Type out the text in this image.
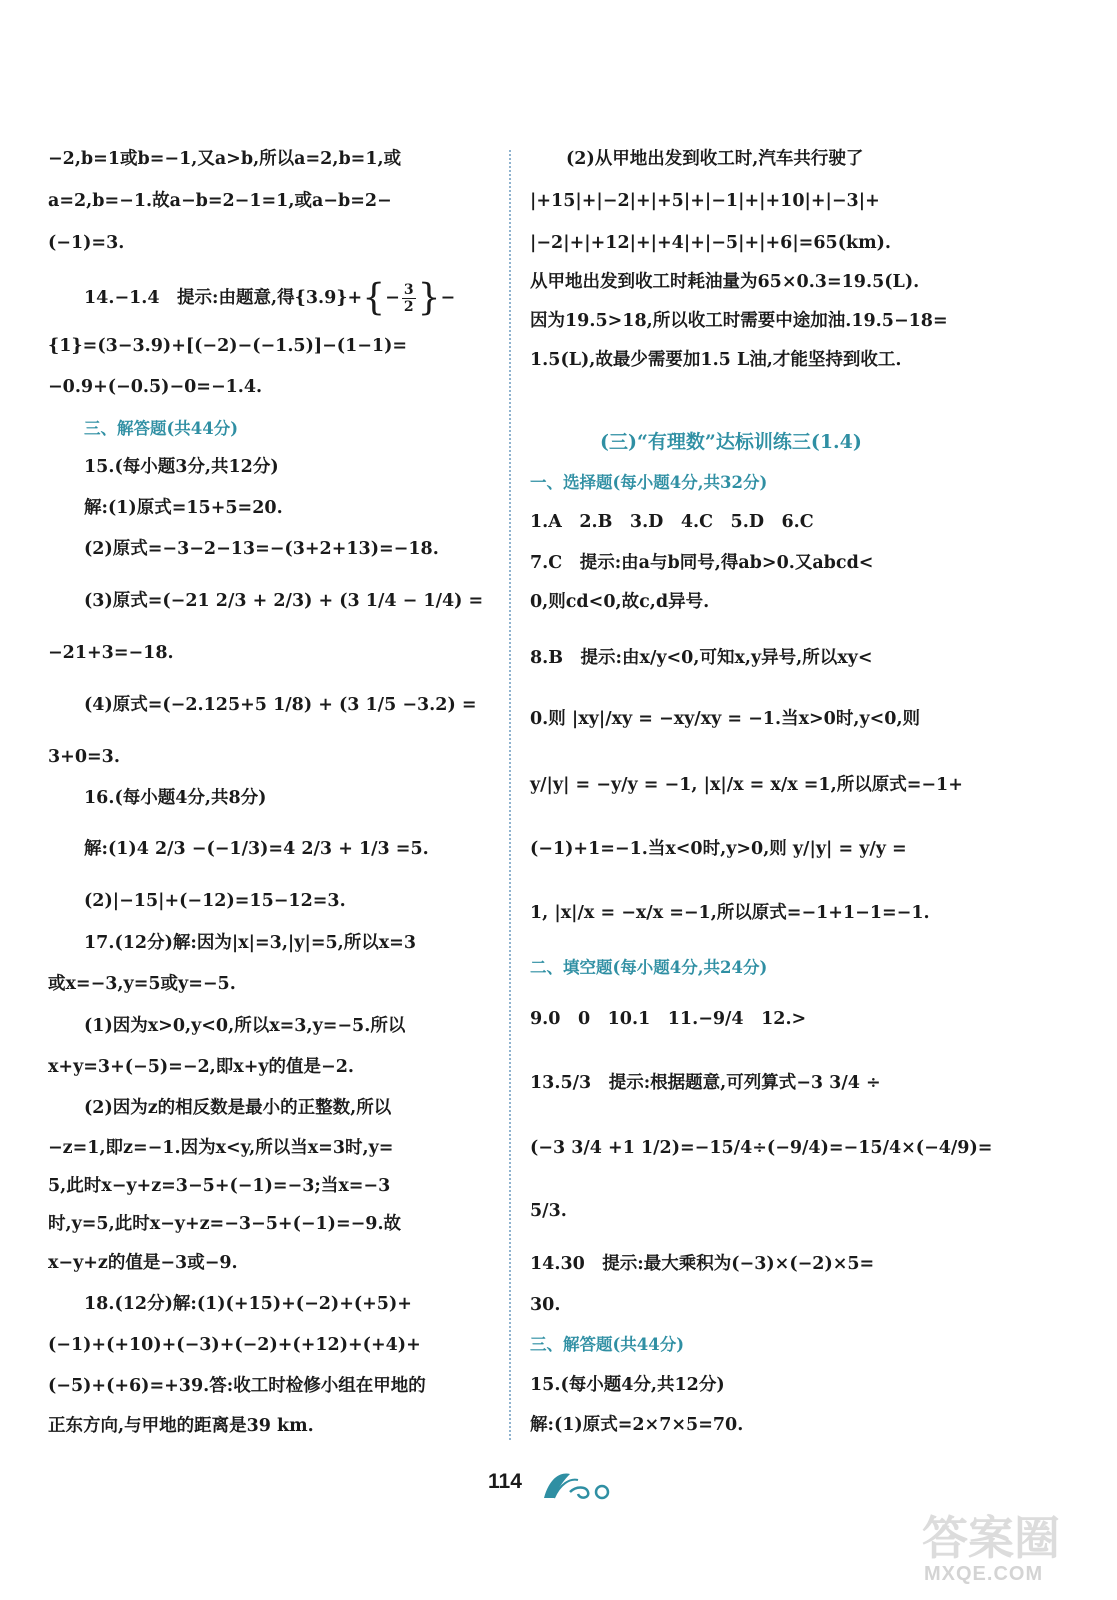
−2,b=1或b=−1,又a>b,所以a=2,b=1,或
a=2,b=−1.故a−b=2−1=1,或a−b=2−
(−1)=3.
14.−1.4　提示:由题意,得$\{3.9\}+\{- \frac{3}{2}$ }−
{1}=(3−3.9)+[(−2)−(−1.5)]−(1−1)=
−0.9+(−0.5)−0=−1.4.
三、解答题(共44分)
15.(每小题3分,共12分)
解:(1)原式=15+5=20.
(2)原式=−3−2−13=−(3+2+13)=−18.
(3)原式=(−21 2/3 + 2/3) + (3 1/4 − 1/4) =
−21+3=−18.
(4)原式=(−2.125+5 1/8) + (3 1/5 −3.2) =
3+0=3.
16.(每小题4分,共8分)
解:(1)4 2/3 −(−1/3)=4 2/3 + 1/3 =5.
(2)|−15|+(−12)=15−12=3.
17.(12分)解:因为|x|=3,|y|=5,所以x=3
或x=−3,y=5或y=−5.
(1)因为x>0,y<0,所以x=3,y=−5.所以
x+y=3+(−5)=−2,即x+y的值是−2.
(2)因为z的相反数是最小的正整数,所以
−z=1,即z=−1.因为x<y,所以当x=3时,y=
5,此时x−y+z=3−5+(−1)=−3;当x=−3
时,y=5,此时x−y+z=−3−5+(−1)=−9.故
x−y+z的值是−3或−9.
18.(12分)解:(1)(+15)+(−2)+(+5)+
(−1)+(+10)+(−3)+(−2)+(+12)+(+4)+
(−5)+(+6)=+39.答:收工时检修小组在甲地的
正东方向,与甲地的距离是39 km.
(2)从甲地出发到收工时,汽车共行驶了
|+15|+|−2|+|+5|+|−1|+|+10|+|−3|+
|−2|+|+12|+|+4|+|−5|+|+6|=65(km).
从甲地出发到收工时耗油量为65×0.3=19.5(L).
因为19.5>18,所以收工时需要中途加油.19.5−18=
1.5(L),故最少需要加1.5 L油,才能坚持到收工.
(三)“有理数”达标训练三(1.4)
一、选择题(每小题4分,共32分)
1.A　2.B　3.D　4.C　5.D　6.C
7.C　提示:由a与b同号,得ab>0.又abcd<
0,则cd<0,故c,d异号.
8.B　提示:由x/y<0,可知x,y异号,所以xy<
0.则 |xy|/xy = −xy/xy = −1.当x>0时,y<0,则
y/|y| = −y/y = −1, |x|/x = x/x =1,所以原式=−1+
(−1)+1=−1.当x<0时,y>0,则 y/|y| = y/y =
1, |x|/x = −x/x =−1,所以原式=−1+1−1=−1.
二、填空题(每小题4分,共24分)
9.0　0　10.1　11.−9/4　12.>
13.5/3　提示:根据题意,可列算式−3 3/4 ÷
(−3 3/4 +1 1/2)=−15/4÷(−9/4)=−15/4×(−4/9)=
5/3.
14.30　提示:最大乘积为(−3)×(−2)×5=
30.
三、解答题(共44分)
15.(每小题4分,共12分)
解:(1)原式=2×7×5=70.
114
答案圈
MXQE.COM
